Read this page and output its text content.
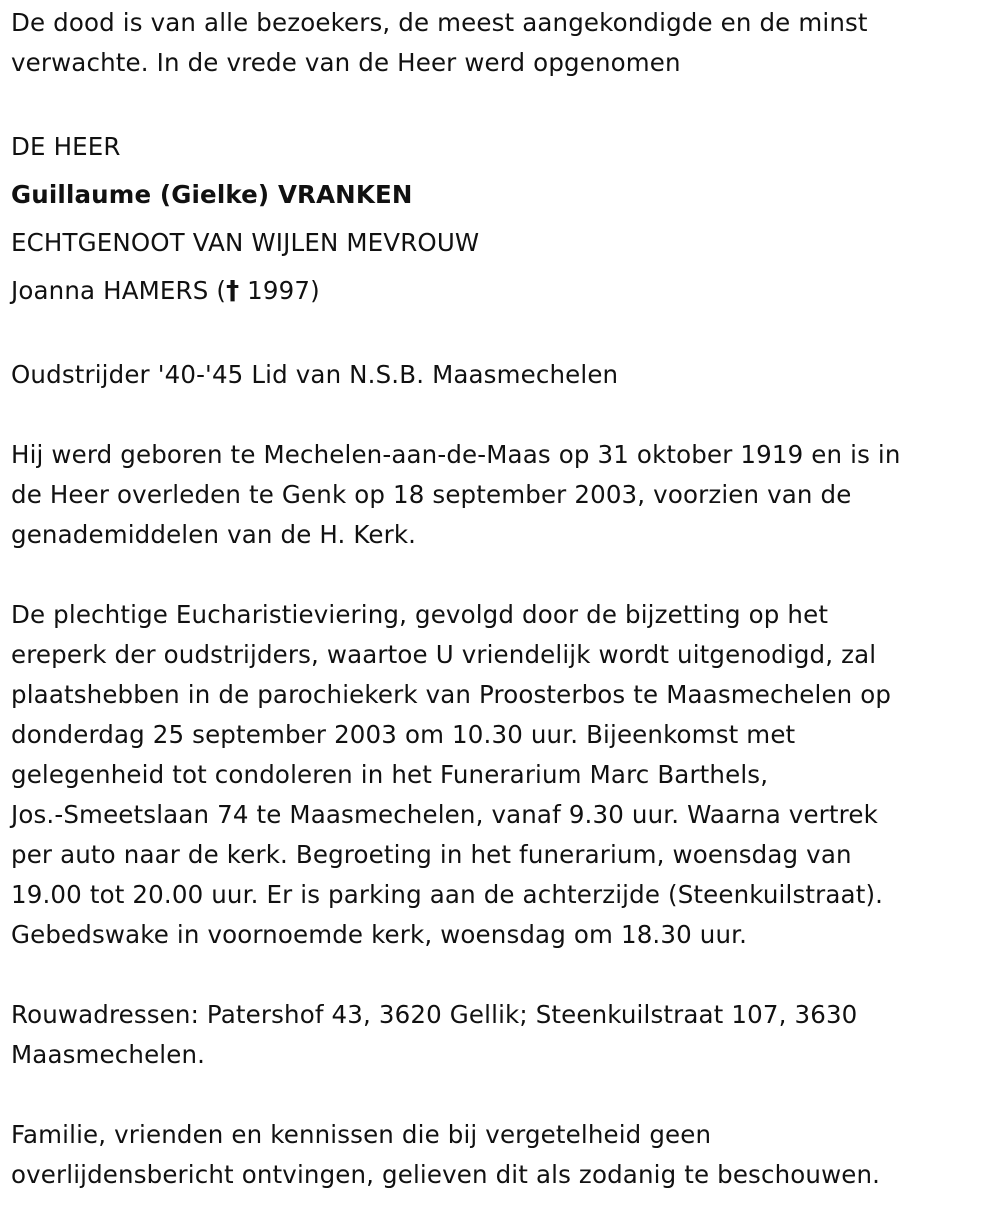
De dood is van alle bezoekers, de meest aangekondigde en de minst
verwachte. In de vrede van de Heer werd opgenomen
DE HEER
Guillaume (Gielke) VRANKEN
ECHTGENOOT VAN WIJLEN MEVROUW
Joanna HAMERS († 1997)
Oudstrijder '40-'45 Lid van N.S.B. Maasmechelen
Hij werd geboren te Mechelen-aan-de-Maas op 31 oktober 1919 en is in
de Heer overleden te Genk op 18 september 2003, voorzien van de
genademiddelen van de H. Kerk.
De plechtige Eucharistieviering, gevolgd door de bijzetting op het
ereperk der oudstrijders, waartoe U vriendelijk wordt uitgenodigd, zal
plaatshebben in de parochiekerk van Proosterbos te Maasmechelen op
donderdag 25 september 2003 om 10.30 uur. Bijeenkomst met
gelegenheid tot condoleren in het Funerarium Marc Barthels,
Jos.-Smeetslaan 74 te Maasmechelen, vanaf 9.30 uur. Waarna vertrek
per auto naar de kerk. Begroeting in het funerarium, woensdag van
19.00 tot 20.00 uur. Er is parking aan de achterzijde (Steenkuilstraat).
Gebedswake in voornoemde kerk, woensdag om 18.30 uur.
Rouwadressen: Patershof 43, 3620 Gellik; Steenkuilstraat 107, 3630
Maasmechelen.
Familie, vrienden en kennissen die bij vergetelheid geen
overlijdensbericht ontvingen, gelieven dit als zodanig te beschouwen.
